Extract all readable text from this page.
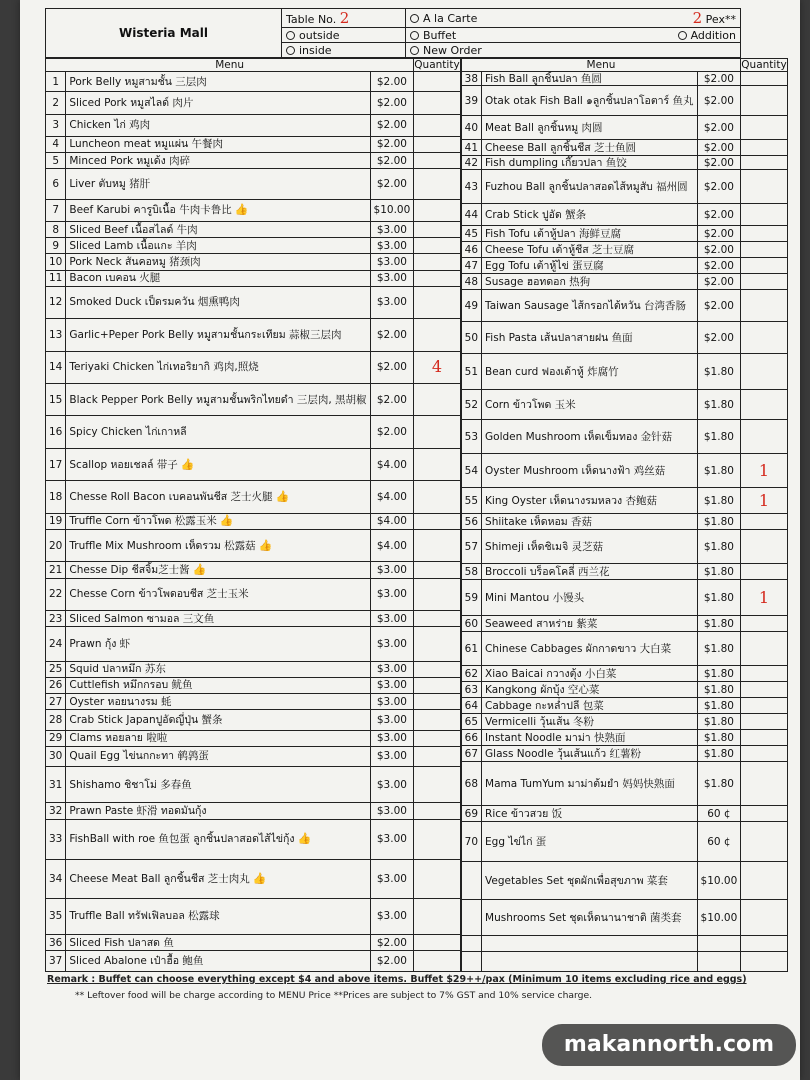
Wisteria Mall	Table No. 2	A la Carte	2 Pex**
	outside	Buffet	Addition
	inside	New Order	
Menu			Quantity
1	Pork Belly หมูสามชั้น 三层肉	$2.00	
2	Sliced Pork หมูสไลด์ 肉片	$2.00	
3	Chicken ไก่ 鸡肉	$2.00	
4	Luncheon meat หมูแผ่น 午餐肉	$2.00	
5	Minced Pork หมูเด้ง 肉碎	$2.00	
6	Liver ตับหมู 猪肝	$2.00	
7	Beef Karubi คารูบิเนื้อ 牛肉卡鲁比 👍	$10.00	
8	Sliced Beef เนื้อสไลด์ 牛肉	$3.00	
9	Sliced Lamb เนื้อแกะ 羊肉	$3.00	
10	Pork Neck สันคอหมู 猪颈肉	$3.00	
11	Bacon เบคอน 火腿	$3.00	
12	Smoked Duck เป็ดรมควัน 烟熏鸭肉	$3.00	
13	Garlic+Peper Pork Belly หมูสามชั้นกระเทียม 蒜椒三层肉	$2.00	
14	Teriyaki Chicken ไก่เทอริยากิ 鸡肉,照烧	$2.00	4
15	Black Pepper Pork Belly หมูสามชั้นพริกไทยดำ 三层肉, 黑胡椒	$2.00	
16	Spicy Chicken ไก่เกาหลี	$2.00	
17	Scallop หอยเชลล์ 带子 👍	$4.00	
18	Chesse Roll Bacon เบคอนพันชีส 芝士火腿 👍	$4.00	
19	Truffle Corn ข้าวโพด 松露玉米 👍	$4.00	
20	Truffle Mix Mushroom เห็ดรวม 松露菇 👍	$4.00	
21	Chesse Dip ชีสจิ้ม芝士酱 👍	$3.00	
22	Chesse Corn ข้าวโพดอบชีส 芝士玉米	$3.00	
23	Sliced Salmon ซามอล 三文鱼	$3.00	
24	Prawn กุ้ง 虾	$3.00	
25	Squid ปลาหมึก 苏东	$3.00	
26	Cuttlefish หมึกกรอบ 鱿鱼	$3.00	
27	Oyster หอยนางรม 蚝	$3.00	
28	Crab Stick Japanปูอัดญี่ปุ่น 蟹条	$3.00	
29	Clams หอยลาย 啦啦	$3.00	
30	Quail Egg ไข่นกกะทา 鹌鹑蛋	$3.00	
31	Shishamo ชิชาโม่ 多春鱼	$3.00	
32	Prawn Paste 虾滑 ทอดมันกุ้ง	$3.00	
33	FishBall with roe 鱼包蛋 ลูกชิ้นปลาสอดไส้ไข่กุ้ง 👍	$3.00	
34	Cheese Meat Ball ลูกชิ้นชีส 芝士肉丸 👍	$3.00	
35	Truffle Ball ทรัฟเฟิลบอล 松露球	$3.00	
36	Sliced Fish ปลาสด 鱼	$2.00	
37	Sliced Abalone เป๋าฮื้อ 鲍鱼	$2.00	
Menu			Quantity
38	Fish Ball ลูกชิ้นปลา 鱼圆	$2.00	
39	Otak otak Fish Ball ๑ลูกชิ้นปลาโอตาร์ 鱼丸	$2.00	
40	Meat Ball ลูกชิ้นหมู 肉圆	$2.00	
41	Cheese Ball ลูกชิ้นชีส 芝士鱼圆	$2.00	
42	Fish dumpling เกี๊ยวปลา 鱼饺	$2.00	
43	Fuzhou Ball ลูกชิ้นปลาสอดไส้หมูสับ 福州圆	$2.00	
44	Crab Stick ปูอัด 蟹条	$2.00	
45	Fish Tofu เต้าหู้ปลา 海鲜豆腐	$2.00	
46	Cheese Tofu เต้าหู้ชีส 芝士豆腐	$2.00	
47	Egg Tofu เต้าหู้ไข่ 蛋豆腐	$2.00	
48	Susage ฮอทดอก 热狗	$2.00	
49	Taiwan Sausage ไส้กรอกไต้หวัน 台湾香肠	$2.00	
50	Fish Pasta เส้นปลาสายฝน 鱼面	$2.00	
51	Bean curd ฟองเต้าหู้ 炸腐竹	$1.80	
52	Corn ข้าวโพด 玉米	$1.80	
53	Golden Mushroom เห็ดเข็มทอง 金针菇	$1.80	
54	Oyster Mushroom เห็ดนางฟ้า 鸡丝菇	$1.80	1
55	King Oyster เห็ดนางรมหลวง 杏鲍菇	$1.80	1
56	Shiitake เห็ดหอม 香菇	$1.80	
57	Shimeji เห็ดชิเมจิ 灵芝菇	$1.80	
58	Broccoli บร็อคโคลี่ 西兰花	$1.80	
59	Mini Mantou 小馒头	$1.80	1
60	Seaweed สาหร่าย 紫菜	$1.80	
61	Chinese Cabbages ผักกาดขาว 大白菜	$1.80	
62	Xiao Baicai กวางตุ้ง 小白菜	$1.80	
63	Kangkong ผักบุ้ง 空心菜	$1.80	
64	Cabbage กะหล่ำปลี 包菜	$1.80	
65	Vermicelli วุ้นเส้น 冬粉	$1.80	
66	Instant Noodle มาม่า 快熟面	$1.80	
67	Glass Noodle วุ้นเส้นแก้ว 红薯粉	$1.80	
68	Mama TumYum มาม่าต้มยำ 妈妈快熟面	$1.80	
69	Rice ข้าวสวย 饭	60 ¢	
70	Egg ไข่ไก่ 蛋	60 ¢	
	Vegetables Set ชุดผักเพื่อสุขภาพ 菜套	$10.00	
	Mushrooms Set ชุดเห็ดนานาชาติ 菌类套	$10.00	

Remark : Buffet can choose everything except $4 and above items. Buffet $29++/pax (Minimum 10 items excluding rice and eggs)
** Leftover food will be charge according to MENU Price **Prices are subject to 7% GST and 10% service charge.
makannorth.com
